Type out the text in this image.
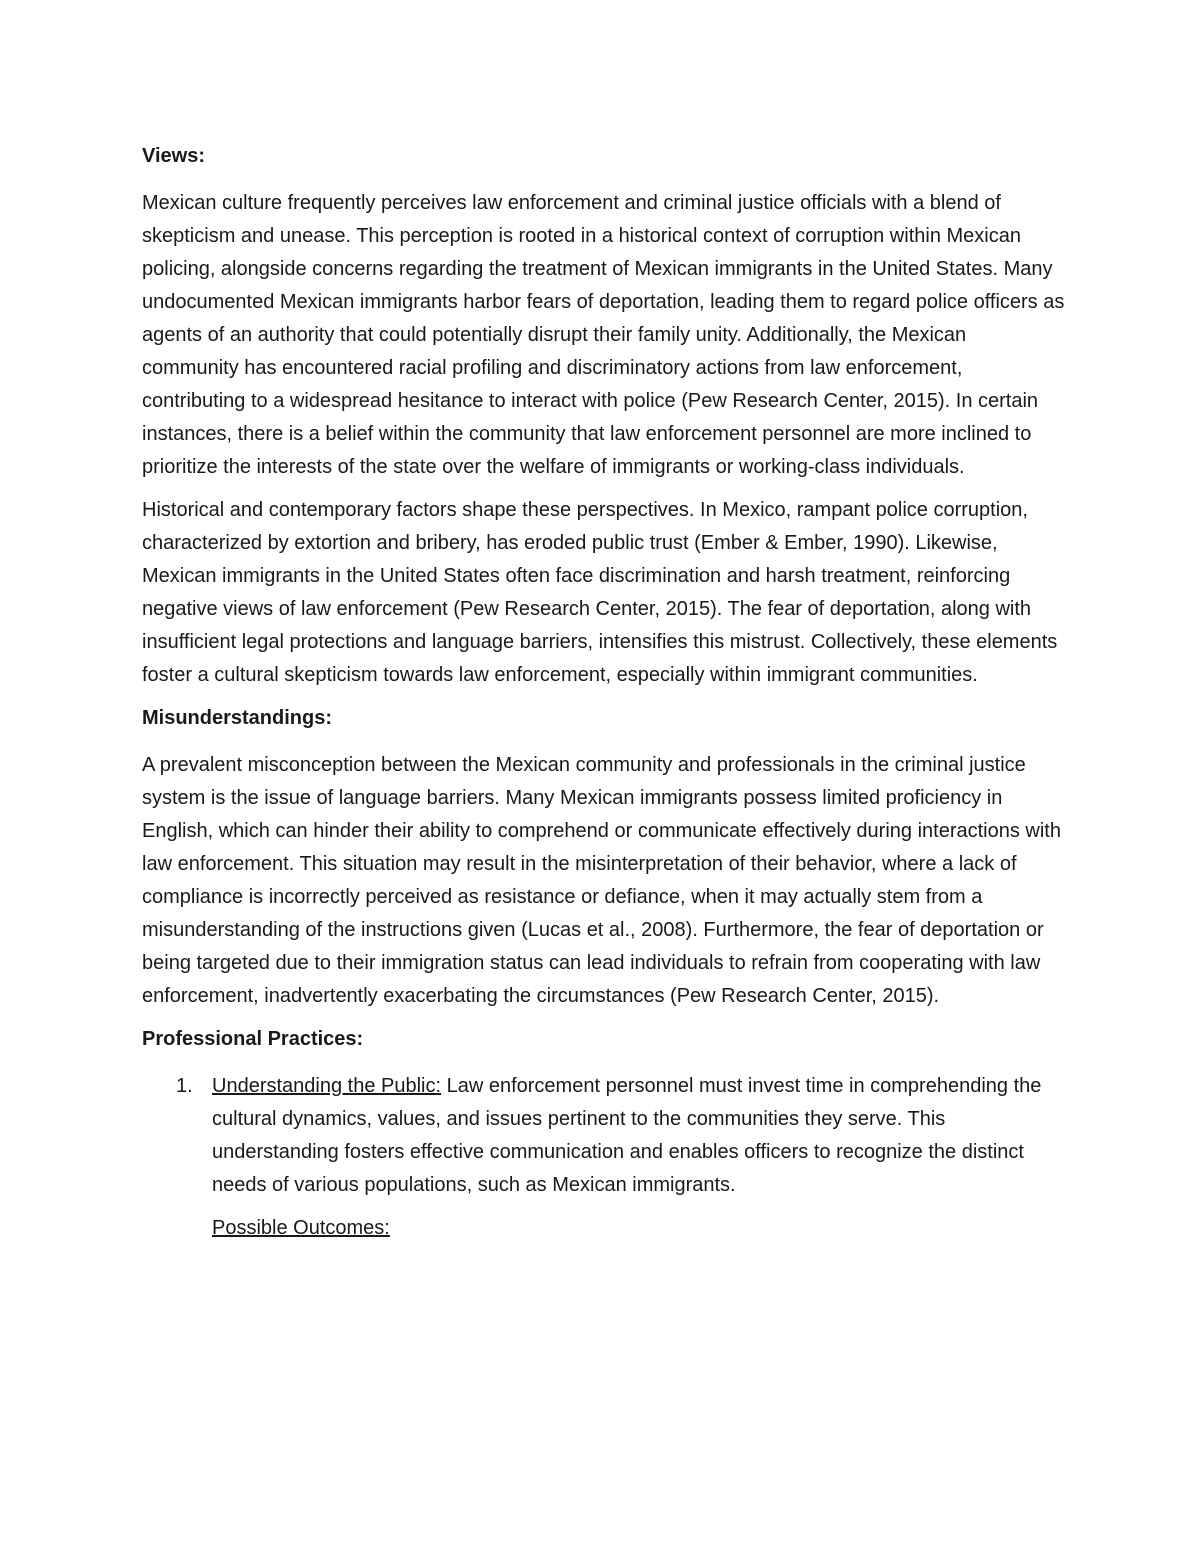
Views:

Mexican culture frequently perceives law enforcement and criminal justice officials with a blend of skepticism and unease. This perception is rooted in a historical context of corruption within Mexican policing, alongside concerns regarding the treatment of Mexican immigrants in the United States. Many undocumented Mexican immigrants harbor fears of deportation, leading them to regard police officers as agents of an authority that could potentially disrupt their family unity. Additionally, the Mexican community has encountered racial profiling and discriminatory actions from law enforcement, contributing to a widespread hesitance to interact with police (Pew Research Center, 2015). In certain instances, there is a belief within the community that law enforcement personnel are more inclined to prioritize the interests of the state over the welfare of immigrants or working-class individuals.

Historical and contemporary factors shape these perspectives. In Mexico, rampant police corruption, characterized by extortion and bribery, has eroded public trust (Ember & Ember, 1990). Likewise, Mexican immigrants in the United States often face discrimination and harsh treatment, reinforcing negative views of law enforcement (Pew Research Center, 2015). The fear of deportation, along with insufficient legal protections and language barriers, intensifies this mistrust. Collectively, these elements foster a cultural skepticism towards law enforcement, especially within immigrant communities.

Misunderstandings:

A prevalent misconception between the Mexican community and professionals in the criminal justice system is the issue of language barriers. Many Mexican immigrants possess limited proficiency in English, which can hinder their ability to comprehend or communicate effectively during interactions with law enforcement. This situation may result in the misinterpretation of their behavior, where a lack of compliance is incorrectly perceived as resistance or defiance, when it may actually stem from a misunderstanding of the instructions given (Lucas et al., 2008). Furthermore, the fear of deportation or being targeted due to their immigration status can lead individuals to refrain from cooperating with law enforcement, inadvertently exacerbating the circumstances (Pew Research Center, 2015).

Professional Practices:
1. Understanding the Public: Law enforcement personnel must invest time in comprehending the cultural dynamics, values, and issues pertinent to the communities they serve. This understanding fosters effective communication and enables officers to recognize the distinct needs of various populations, such as Mexican immigrants.
Possible Outcomes:
